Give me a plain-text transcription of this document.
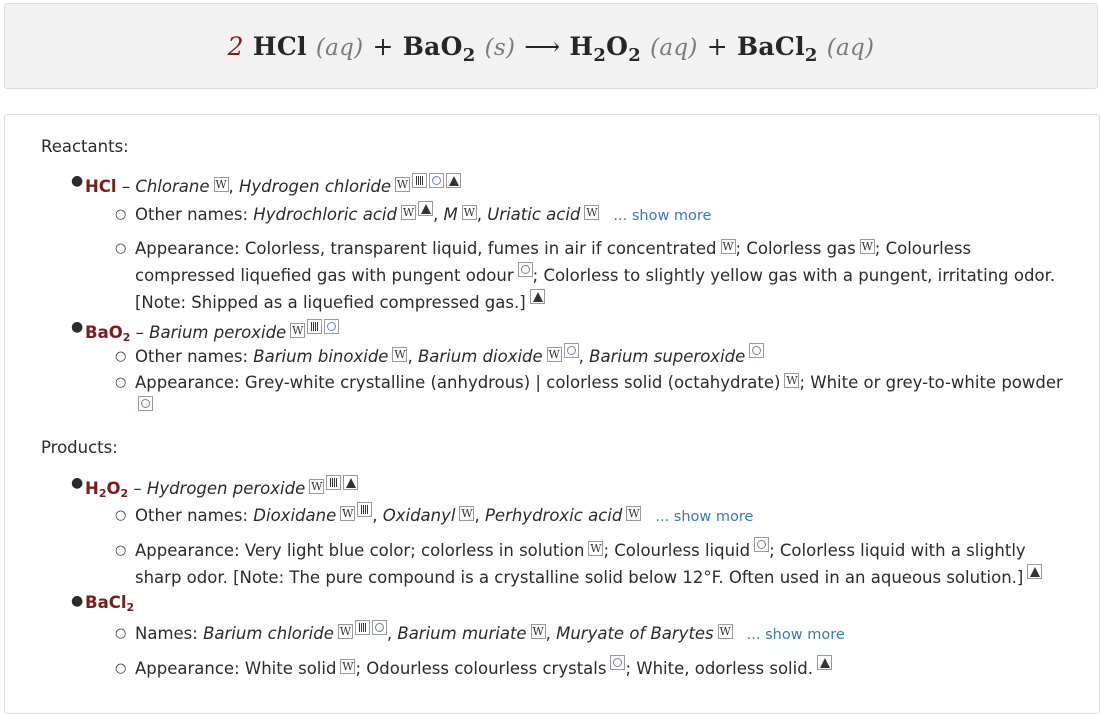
2 HCl (aq) + BaO$_2$ (s) ⟶ $H_2O_2$ (aq) + BaCl$_2$ (aq)
Reactants:
● HCl – Chlorane W , Hydrogen chlorideW
○ Other names: Hydrochloric acid W , M W , Uriatic acid W ... show more
○ Appearance: Colorless, transparent liquid, fumes in air if concentrated W ; Colorless gas W ; Colourless compressed liquefied gas with pungent odour ; Colorless to slightly yellow gas with a pungent, irritating odor. [Note: Shipped as a liquefied compressed gas.]
● BaO$_2$ – Barium peroxideW
○ Other names: Barium binoxide W , Barium dioxide W , Barium superoxide
○ Appearance: Grey-white crystalline (anhydrous) | colorless solid (octahydrate) W ; White or grey-to-white powder

Products:
● $H_2O_2$ – Hydrogen peroxideW
○ Other names: Dioxidane W , Oxidanyl W , Perhydroxic acid W ... show more
○ Appearance: Very light blue color; colorless in solution W ; Colourless liquid ; Colorless liquid with a slightly sharp odor. [Note: The pure compound is a crystalline solid below 12°F. Often used in an aqueous solution.]
● BaCl$_2$
○ Names: Barium chloride W	, Barium muriate W , Muryate of Barytes W ... show more
○ Appearance: White solid W ; Odourless colourless crystals ; White, odorless solid.
